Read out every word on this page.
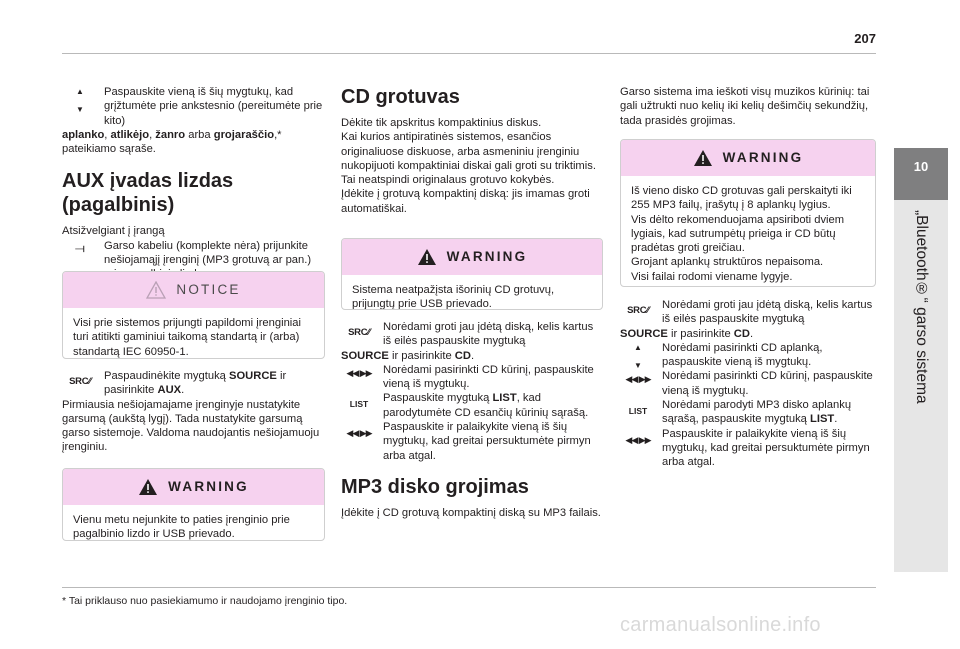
207
10
„Bluetooth®“ garso sistema
▲

▼

Paspauskite vieną iš šių mygtukų, kad grįžtumėte prie ankstesnio (pereitumėte prie kito)

aplanko, atlikėjo, žanro arba grojaraščio,* pateikiamo sąraše.

AUX įvadas lizdas (pagalbinis)

Atsižvelgiant į įrangą

⟞	Garso kabeliu (komplekte nėra) prijunkite nešiojamąjį įrenginį (MP3 grotuvą ar pan.)

NOTICE
Visi prie sistemos prijungti papildomi įrenginiai turi atitikti gaminiui taikomą standartą ir (arba) standartą IEC 60950-1.
SRC⁄⁄	Paspaudinėkite mygtuką SOURCE ir pasirinkite AUX.

Pirmiausia nešiojamajame įrenginyje nustatykite garsumą (aukštą lygį). Tada nustatykite garsumą garso sistemoje. Valdoma naudojantis nešiojamuoju įrenginiu.

WARNING
Vienu metu nejunkite to paties įrenginio prie pagalbinio lizdo ir USB prievado.
CD grotuvas

Dėkite tik apskritus kompaktinius diskus.
Kai kurios antipiratinės sistemos, esančios originaliuose diskuose, arba asmeniniu įrenginiu nukopijuoti kompaktiniai diskai gali groti su triktimis. Tai neatspindi originalaus grotuvo kokybės.
Įdėkite į grotuvą kompaktinį diską: jis imamas groti automatiškai.

WARNING
Sistema neatpažįsta išorinių CD grotuvų, prijungtų prie USB prievado.
SRC⁄⁄	Norėdami groti jau įdėtą diską, kelis kartus iš eilės paspauskite mygtuką

SOURCE ir pasirinkite CD.

◀◀ ▶▶	Norėdami pasirinkti CD kūrinį, paspauskite vieną iš mygtukų.

LIST	Paspauskite mygtuką LIST, kad parodytumėte CD esančių kūrinių sąrašą.

◀◀ ▶▶	Paspauskite ir palaikykite vieną iš šių mygtukų, kad greitai persuktumėte pirmyn arba atgal.

MP3 disko grojimas

Įdėkite į CD grotuvą kompaktinį diską su MP3 failais.

Garso sistema ima ieškoti visų muzikos kūrinių: tai gali užtrukti nuo kelių iki kelių dešimčių sekundžių, tada prasidės grojimas.

WARNING
Iš vieno disko CD grotuvas gali perskaityti iki 255 MP3 failų, įrašytų į 8 aplankų lygius.
Vis dėlto rekomenduojama apsiriboti dviem lygiais, kad sutrumpėtų prieiga ir CD būtų pradėtas groti greičiau.
Grojant aplankų struktūros nepaisoma.
Visi failai rodomi viename lygyje.
SRC⁄⁄	Norėdami groti jau įdėtą diską, kelis kartus iš eilės paspauskite mygtuką

SOURCE ir pasirinkite CD.

▲

▼

Norėdami pasirinkti CD aplanką, paspauskite vieną iš mygtukų.

◀◀ ▶▶	Norėdami pasirinkti CD kūrinį, paspauskite vieną iš mygtukų.

LIST	Norėdami parodyti MP3 disko aplankų sąrašą, paspauskite mygtuką LIST.

◀◀ ▶▶	Paspauskite ir palaikykite vieną iš šių mygtukų, kad greitai persuktumėte pirmyn arba atgal.

* Tai priklauso nuo pasiekiamumo ir naudojamo įrenginio tipo.
carmanualsonline.info
